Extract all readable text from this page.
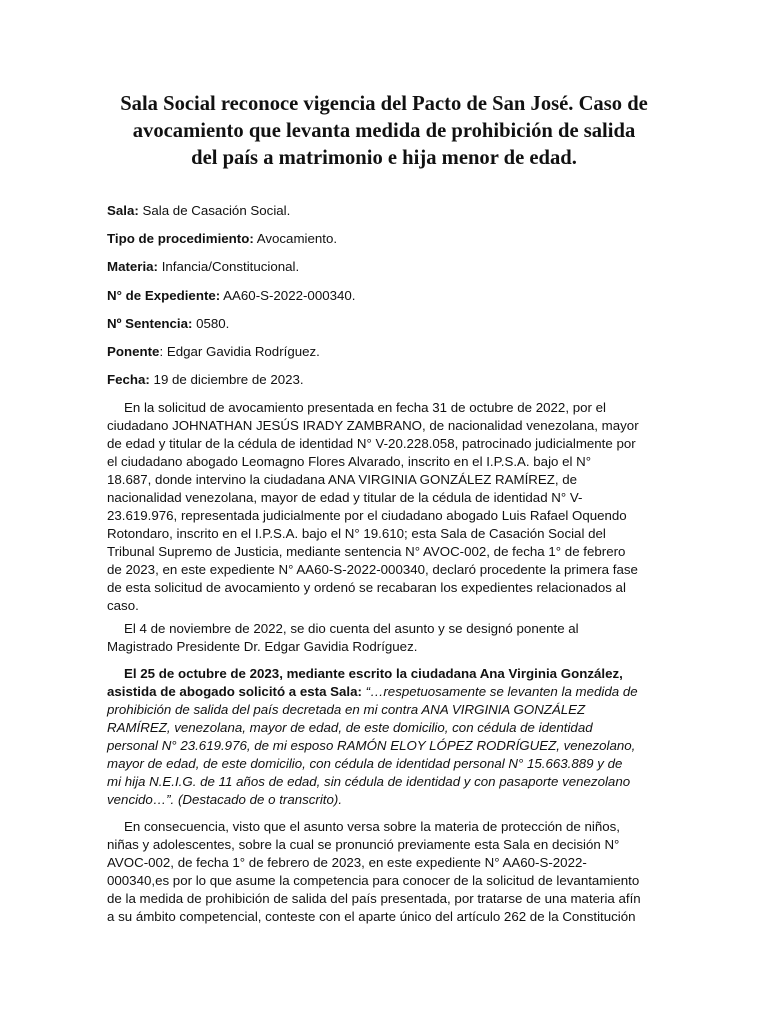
Sala Social reconoce vigencia del Pacto de San José. Caso de
avocamiento que levanta medida de prohibición de salida
del país a matrimonio e hija menor de edad.

Sala: Sala de Casación Social.

Tipo de procedimiento: Avocamiento.

Materia: Infancia/Constitucional.

N° de Expediente: AA60-S-2022-000340.

Nº Sentencia: 0580.

Ponente: Edgar Gavidia Rodríguez.

Fecha: 19 de diciembre de 2023.

En la solicitud de avocamiento presentada en fecha 31 de octubre de 2022, por el
ciudadano JOHNATHAN JESÚS IRADY ZAMBRANO, de nacionalidad venezolana, mayor
de edad y titular de la cédula de identidad N° V-20.228.058, patrocinado judicialmente por
el ciudadano abogado Leomagno Flores Alvarado, inscrito en el I.P.S.A. bajo el N°
18.687, donde intervino la ciudadana ANA VIRGINIA GONZÁLEZ RAMÍREZ, de
nacionalidad venezolana, mayor de edad y titular de la cédula de identidad N° V-
23.619.976, representada judicialmente por el ciudadano abogado Luis Rafael Oquendo
Rotondaro, inscrito en el I.P.S.A. bajo el N° 19.610; esta Sala de Casación Social del
Tribunal Supremo de Justicia, mediante sentencia N° AVOC-002, de fecha 1° de febrero
de 2023, en este expediente N° AA60-S-2022-000340, declaró procedente la primera fase
de esta solicitud de avocamiento y ordenó se recabaran los expedientes relacionados al
caso.

El 4 de noviembre de 2022, se dio cuenta del asunto y se designó ponente al
Magistrado Presidente Dr. Edgar Gavidia Rodríguez.

El 25 de octubre de 2023, mediante escrito la ciudadana Ana Virginia González,
asistida de abogado solicitó a esta Sala: “…respetuosamente se levanten la medida de
prohibición de salida del país decretada en mi contra ANA VIRGINIA GONZÁLEZ
RAMÍREZ, venezolana, mayor de edad, de este domicilio, con cédula de identidad
personal N° 23.619.976, de mi esposo RAMÓN ELOY LÓPEZ RODRÍGUEZ, venezolano,
mayor de edad, de este domicilio, con cédula de identidad personal N° 15.663.889 y de
mi hija N.E.I.G. de 11 años de edad, sin cédula de identidad y con pasaporte venezolano
vencido…”. (Destacado de o transcrito).

En consecuencia, visto que el asunto versa sobre la materia de protección de niños,
niñas y adolescentes, sobre la cual se pronunció previamente esta Sala en decisión N°
AVOC-002, de fecha 1° de febrero de 2023, en este expediente N° AA60-S-2022-
000340,es por lo que asume la competencia para conocer de la solicitud de levantamiento
de la medida de prohibición de salida del país presentada, por tratarse de una materia afín
a su ámbito competencial, conteste con el aparte único del artículo 262 de la Constitución
